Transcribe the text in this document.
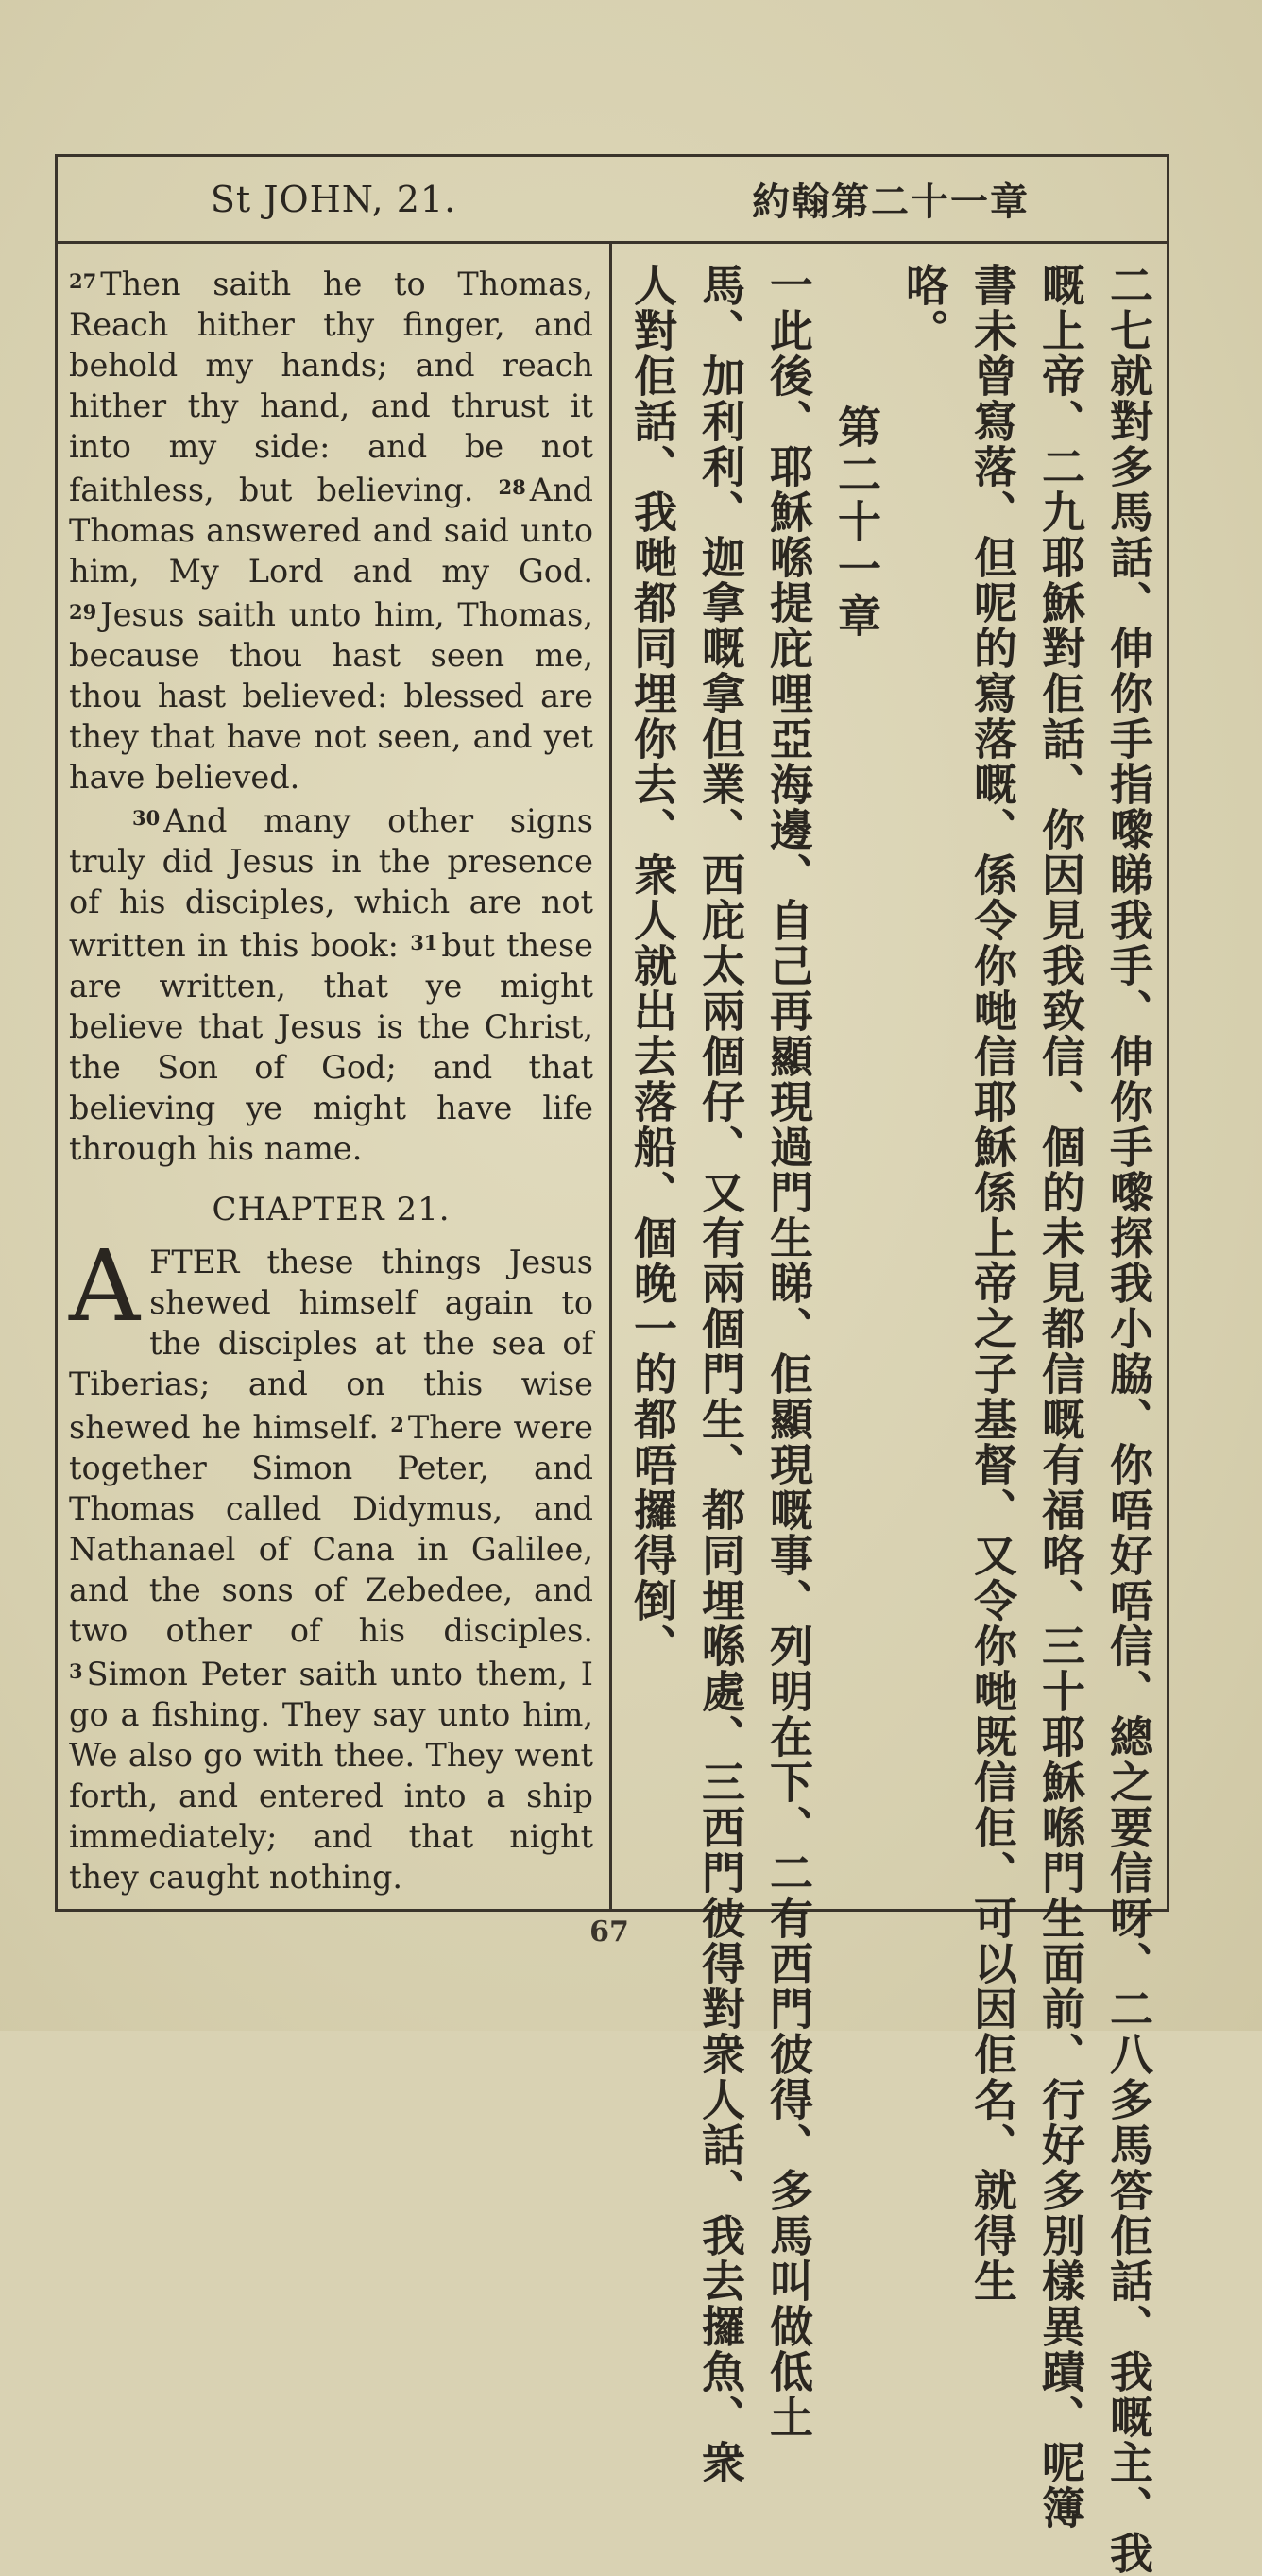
St JOHN, 21.	約翰第二十一章

$^{27}$ Then saith he to Thomas, Reach hither thy finger, and behold my hands; and reach hither thy hand, and thrust it into my side: and be not faithless, but believing. $^{28}$ And Thomas answered and said unto him, My Lord and my God. $^{29}$ Jesus saith unto him, Thomas, because thou hast seen me, thou hast believed: blessed are they that have not seen, and yet have believed.

$^{30}$ And many other signs truly did Jesus in the presence of his disciples, which are not written in this book: $^{31}$ but these are written, that ye might believe that Jesus is the Christ, the Son of God; and that believing ye might have life through his name.

CHAPTER 21.

AFTER these things Jesus shewed himself again to the disciples at the sea of Tiberias; and on this wise shewed he himself. $^2$ There were together Simon Peter, and Thomas called Didymus, and Nathanael of Cana in Galilee, and the sons of Zebedee, and two other of his disciples. $^3$ Simon Peter saith unto them, I go a fishing. They say unto him, We also go with thee. They went forth, and entered into a ship immediately; and that night they caught nothing.	二七就對多馬話、伸你手指嚟睇我手、伸你手嚟探我小脇、你唔好唔信、總之要信呀、二八多馬答佢話、我嘅主、我
嘅上帝、二九耶穌對佢話、你因見我致信、個的未見都信嘅有福咯、三十耶穌喺門生面前、行好多別樣異蹟、呢簿
書未曾寫落、但呢的寫落嘅、係令你哋信耶穌係上帝之子基督、又令你哋既信佢、可以因佢名、就得生
咯。
第二十一章
一此後、耶穌喺提庇哩亞海邊、自己再顯現過門生睇、佢顯現嘅事、列明在下、二有西門彼得、多馬叫做低土
馬、加利利、迦拿嘅拿但業、西庇太兩個仔、又有兩個門生、都同埋喺處、三西門彼得對衆人話、我去攞魚、衆
人對佢話、我哋都同埋你去、衆人就出去落船、個晚一的都唔攞得倒、
67
